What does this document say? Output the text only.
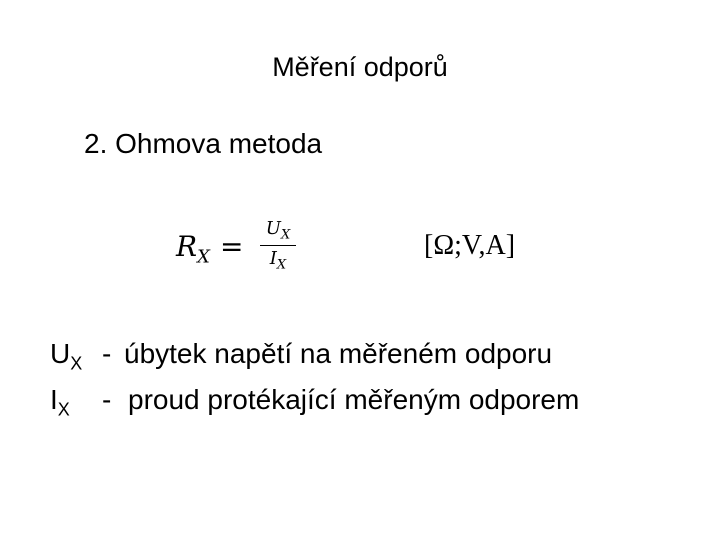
Měření odporů
2. Ohmova metoda
$R_X$ =
$U_X$
$I_X$
[Ω;V,A]
$U_X$ - úbytek napětí na měřeném odporu
$I_X$ - proud protékající měřeným odporem
